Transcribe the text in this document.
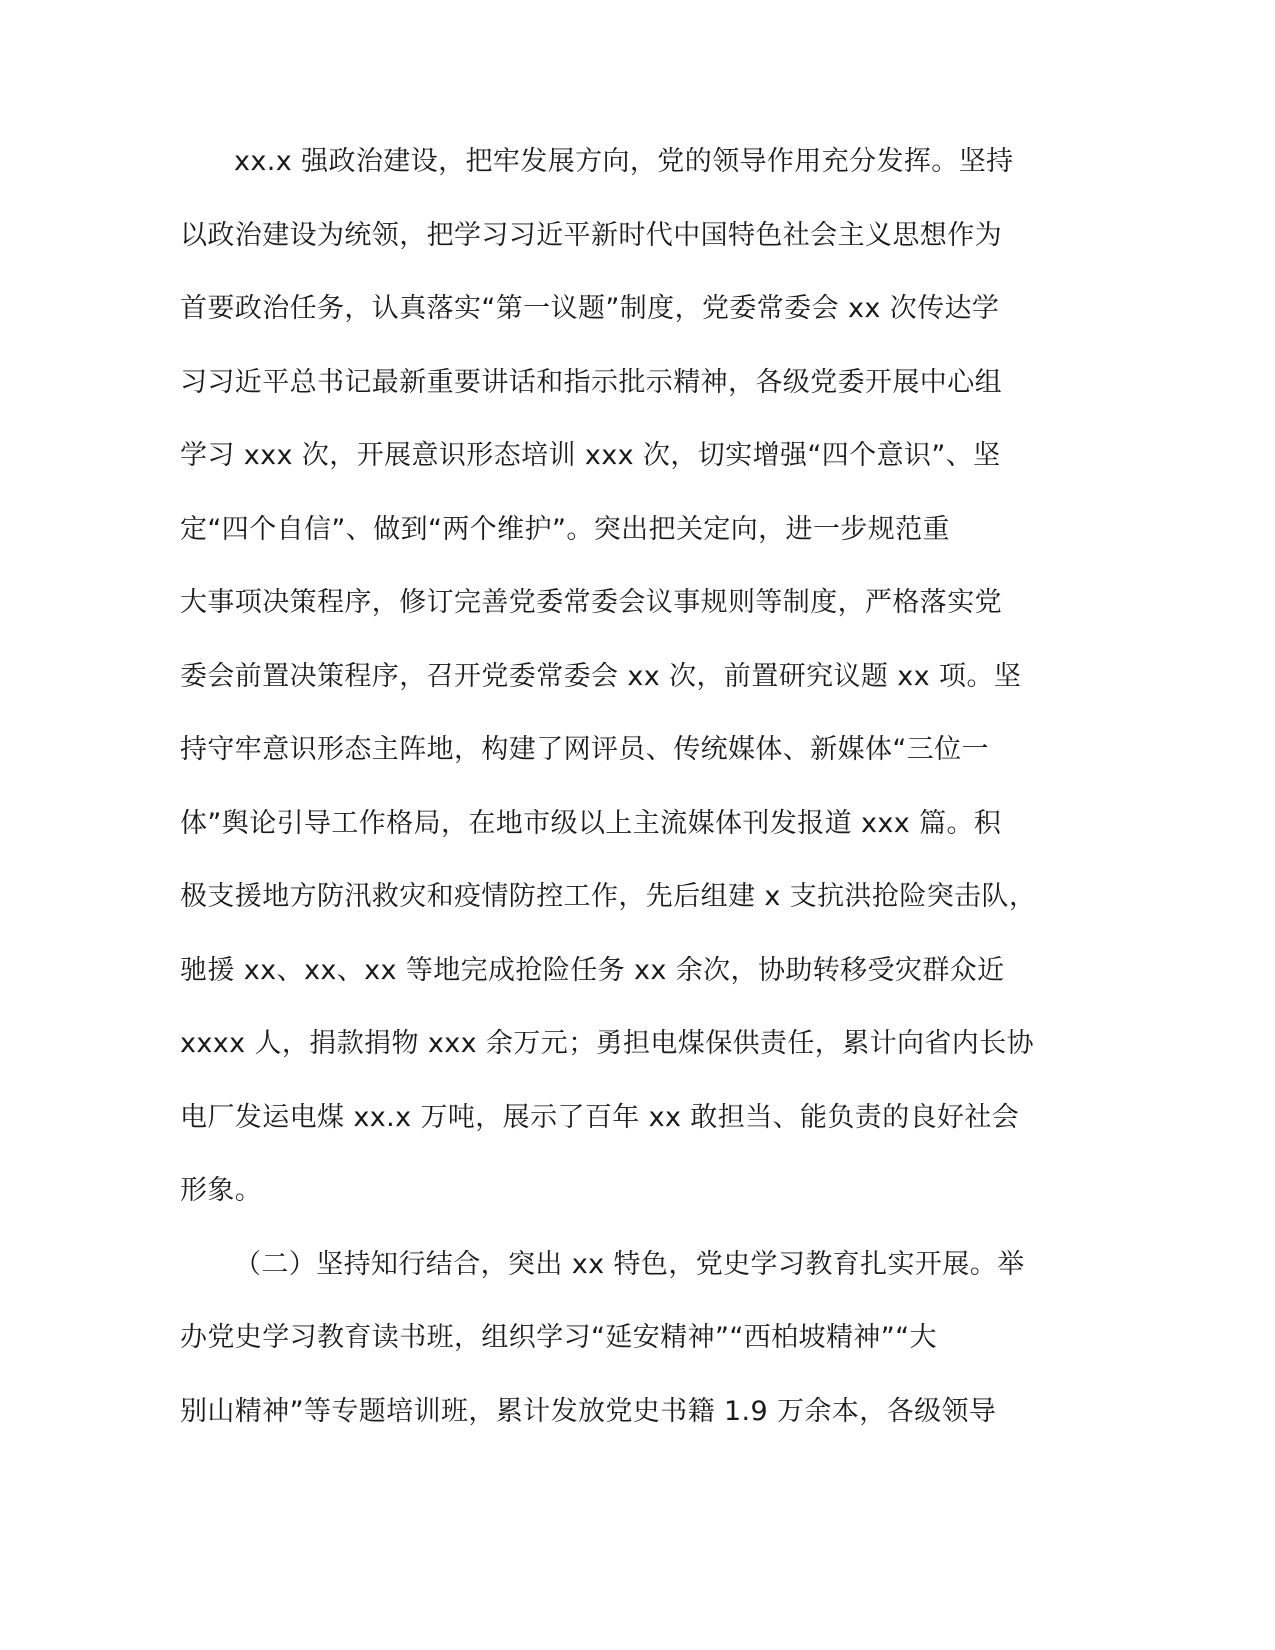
xx.x 强政治建设，把牢发展方向，党的领导作用充分发挥。坚持
以政治建设为统领，把学习习近平新时代中国特色社会主义思想作为
首要政治任务，认真落实“第一议题”制度，党委常委会 xx 次传达学
习习近平总书记最新重要讲话和指示批示精神，各级党委开展中心组
学习 xxx 次，开展意识形态培训 xxx 次，切实增强“四个意识”、坚
定“四个自信”、做到“两个维护”。突出把关定向，进一步规范重
大事项决策程序，修订完善党委常委会议事规则等制度，严格落实党
委会前置决策程序，召开党委常委会 xx 次，前置研究议题 xx 项。坚
持守牢意识形态主阵地，构建了网评员、传统媒体、新媒体“三位一
体”舆论引导工作格局，在地市级以上主流媒体刊发报道 xxx 篇。积
极支援地方防汛救灾和疫情防控工作，先后组建 x 支抗洪抢险突击队，
驰援 xx、xx、xx 等地完成抢险任务 xx 余次，协助转移受灾群众近
xxxx 人，捐款捐物 xxx 余万元；勇担电煤保供责任，累计向省内长协
电厂发运电煤 xx.x 万吨，展示了百年 xx 敢担当、能负责的良好社会
形象。
（二）坚持知行结合，突出 xx 特色，党史学习教育扎实开展。举
办党史学习教育读书班，组织学习“延安精神”“西柏坡精神”“大
别山精神”等专题培训班，累计发放党史书籍 1.9 万余本，各级领导
